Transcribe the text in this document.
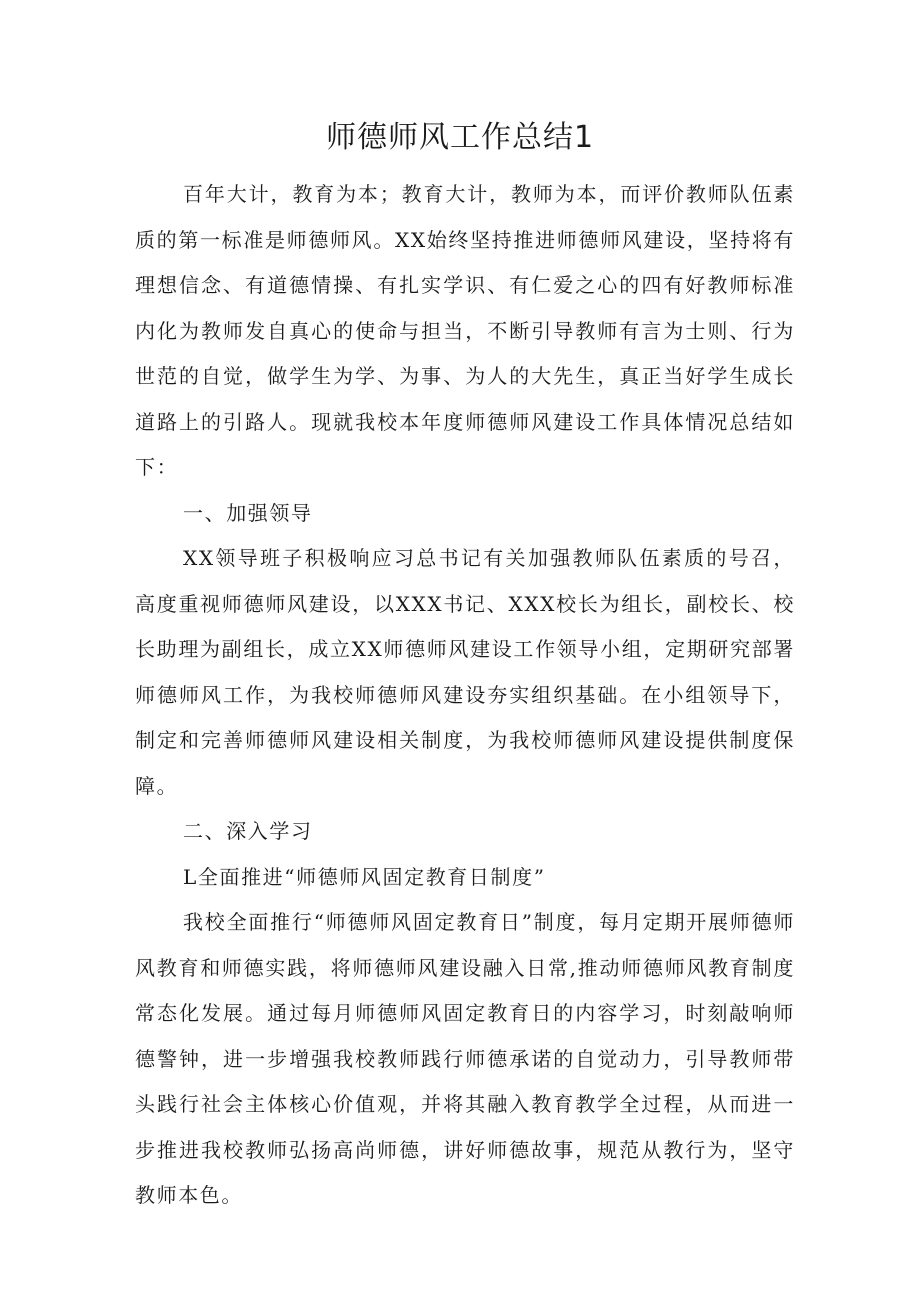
师德师风工作总结1

百年大计，教育为本；教育大计，教师为本，而评价教师队伍素质的第一标准是师德师风。XX始终坚持推进师德师风建设，坚持将有理想信念、有道德情操、有扎实学识、有仁爱之心的四有好教师标准内化为教师发自真心的使命与担当，不断引导教师有言为士则、行为世范的自觉，做学生为学、为事、为人的大先生，真正当好学生成长道路上的引路人。现就我校本年度师德师风建设工作具体情况总结如下：

一、加强领导

XX领导班子积极响应习总书记有关加强教师队伍素质的号召，高度重视师德师风建设，以XXX书记、XXX校长为组长，副校长、校长助理为副组长，成立XX师德师风建设工作领导小组，定期研究部署师德师风工作，为我校师德师风建设夯实组织基础。在小组领导下，制定和完善师德师风建设相关制度，为我校师德师风建设提供制度保障。

二、深入学习

L全面推进“师德师风固定教育日制度”

我校全面推行“师德师风固定教育日”制度，每月定期开展师德师风教育和师德实践，将师德师风建设融入日常,推动师德师风教育制度常态化发展。通过每月师德师风固定教育日的内容学习，时刻敲响师德警钟，进一步增强我校教师践行师德承诺的自觉动力，引导教师带头践行社会主体核心价值观，并将其融入教育教学全过程，从而进一步推进我校教师弘扬高尚师德，讲好师德故事，规范从教行为，坚守教师本色。
